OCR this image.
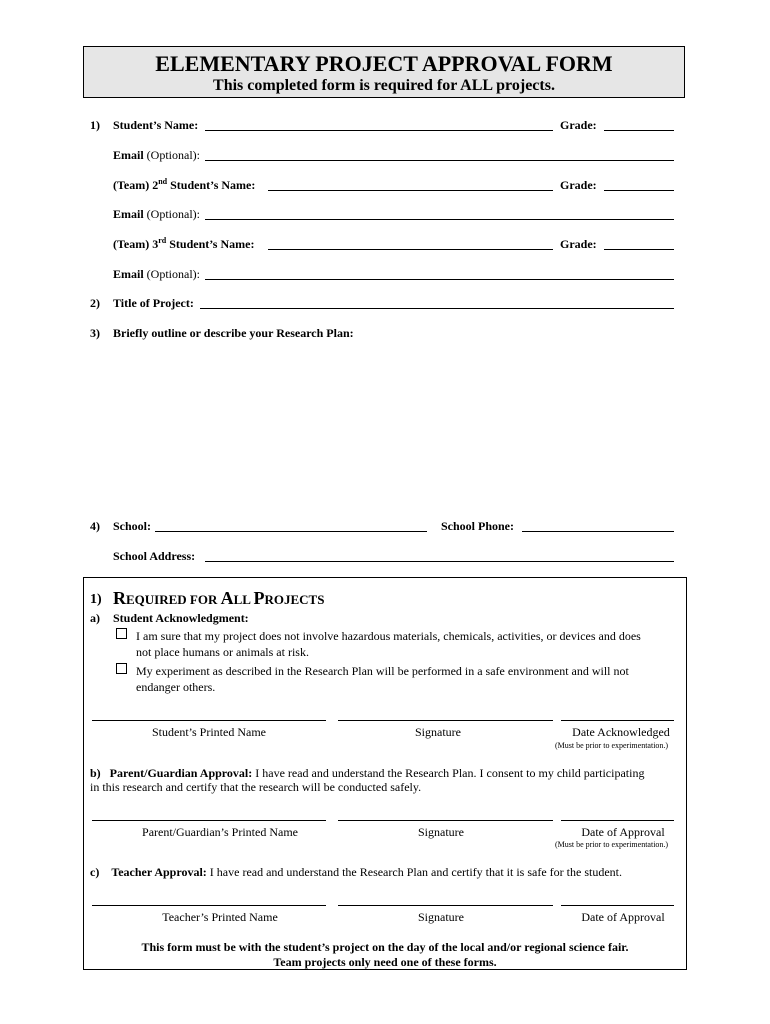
ELEMENTARY PROJECT APPROVAL FORM
This completed form is required for ALL projects.
1) Student’s Name:	Grade:
Email (Optional):
(Team) 2nd Student’s Name:	Grade:
Email (Optional):
(Team) 3rd Student’s Name:	Grade:
Email (Optional):
2) Title of Project:
3) Briefly outline or describe your Research Plan:
4) School:	School Phone:
School Address:
1) REQUIRED FOR ALL PROJECTS
a) Student Acknowledgment:
I am sure that my project does not involve hazardous materials, chemicals, activities, or devices and does
not place humans or animals at risk.
My experiment as described in the Research Plan will be performed in a safe environment and will not
endanger others.
Student’s Printed Name	Signature	Date Acknowledged
(Must be prior to experimentation.)
b) Parent/Guardian Approval: I have read and understand the Research Plan. I consent to my child participating
in this research and certify that the research will be conducted safely.
Parent/Guardian’s Printed Name	Signature	Date of Approval
(Must be prior to experimentation.)
c) Teacher Approval: I have read and understand the Research Plan and certify that it is safe for the student.
Teacher’s Printed Name	Signature	Date of Approval
This form must be with the student’s project on the day of the local and/or regional science fair.
Team projects only need one of these forms.
